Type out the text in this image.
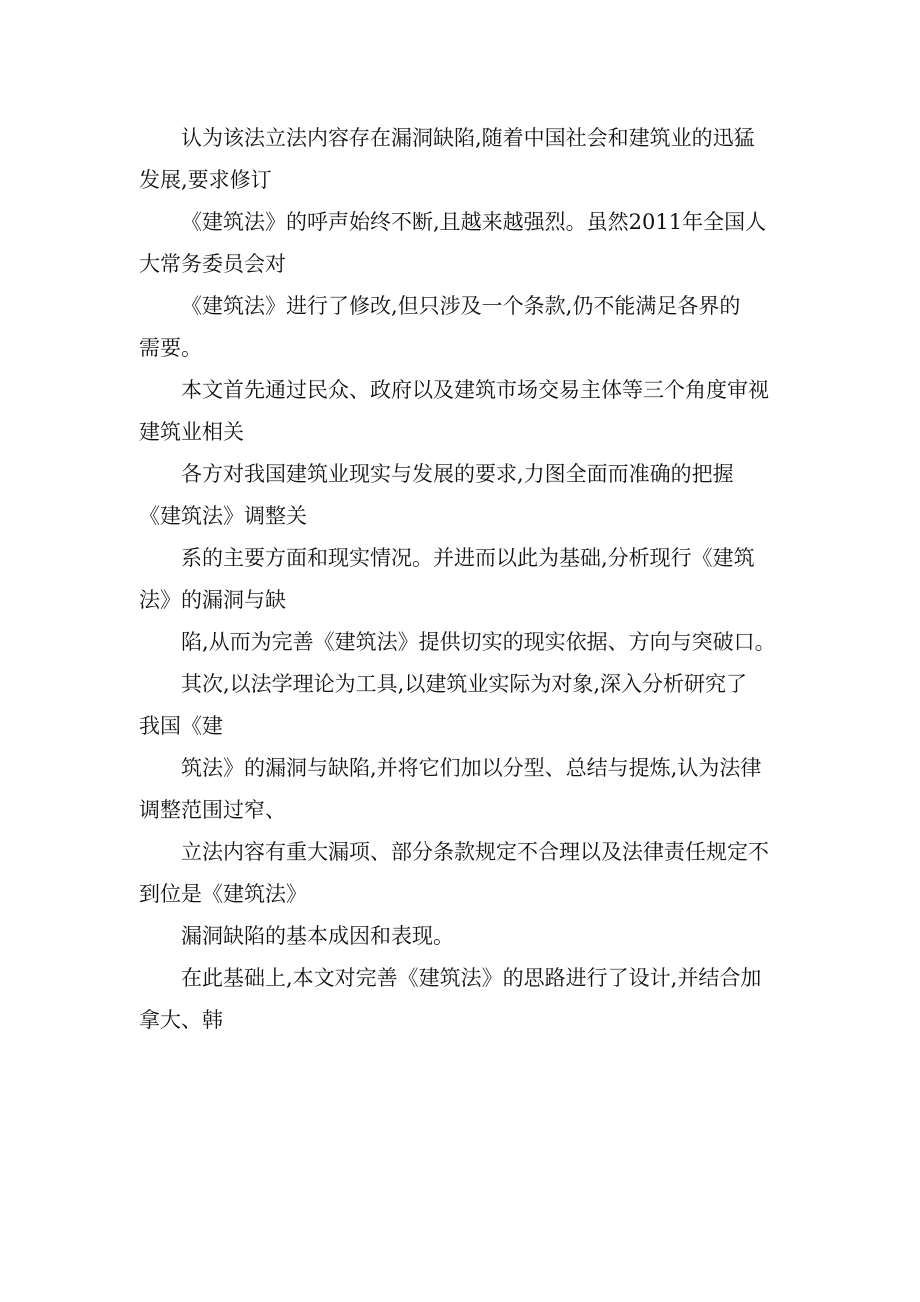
认为该法立法内容存在漏洞缺陷,随着中国社会和建筑业的迅猛
发展,要求修订
《建筑法》的呼声始终不断,且越来越强烈。虽然2011年全国人
大常务委员会对
《建筑法》进行了修改,但只涉及一个条款,仍不能满足各界的
需要。
本文首先通过民众、政府以及建筑市场交易主体等三个角度审视
建筑业相关
各方对我国建筑业现实与发展的要求,力图全面而准确的把握
《建筑法》调整关
系的主要方面和现实情况。并进而以此为基础,分析现行《建筑
法》的漏洞与缺
陷,从而为完善《建筑法》提供切实的现实依据、方向与突破口。
其次,以法学理论为工具,以建筑业实际为对象,深入分析研究了
我国《建
筑法》的漏洞与缺陷,并将它们加以分型、总结与提炼,认为法律
调整范围过窄、
立法内容有重大漏项、部分条款规定不合理以及法律责任规定不
到位是《建筑法》
漏洞缺陷的基本成因和表现。
在此基础上,本文对完善《建筑法》的思路进行了设计,并结合加
拿大、韩
